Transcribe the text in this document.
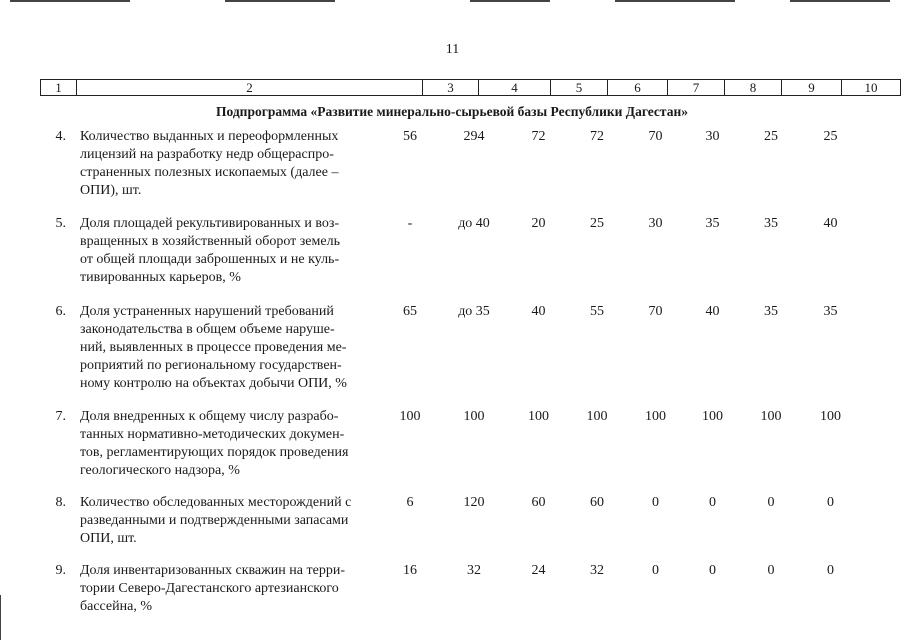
11
1	2	3	4	5	6	7	8	9	10
Подпрограмма «Развитие минерально-сырьевой базы Республики Дагестан»
4. Количество выданных и переоформленных
лицензий на разработку недр общераспро-
страненных полезных ископаемых (далее –
ОПИ), шт.
56	294	72	72	70	30	25	25
5. Доля площадей рекультивированных и воз-
вращенных в хозяйственный оборот земель
от общей площади заброшенных и не куль-
тивированных карьеров, %
-	до 40	20	25	30	35	35	40
6. Доля устраненных нарушений требований
законодательства в общем объеме наруше-
ний, выявленных в процессе проведения ме-
роприятий по региональному государствен-
ному контролю на объектах добычи ОПИ, %
65	до 35	40	55	70	40	35	35
7. Доля внедренных к общему числу разрабо-
танных нормативно-методических докумен-
тов, регламентирующих порядок проведения
геологического надзора, %
100	100	100	100	100	100	100	100
8. Количество обследованных месторождений с
разведанными и подтвержденными запасами
ОПИ, шт.
6	120	60	60	0	0	0	0
9. Доля инвентаризованных скважин на терри-
тории Северо-Дагестанского артезианского
бассейна, %
16	32	24	32	0	0	0	0
